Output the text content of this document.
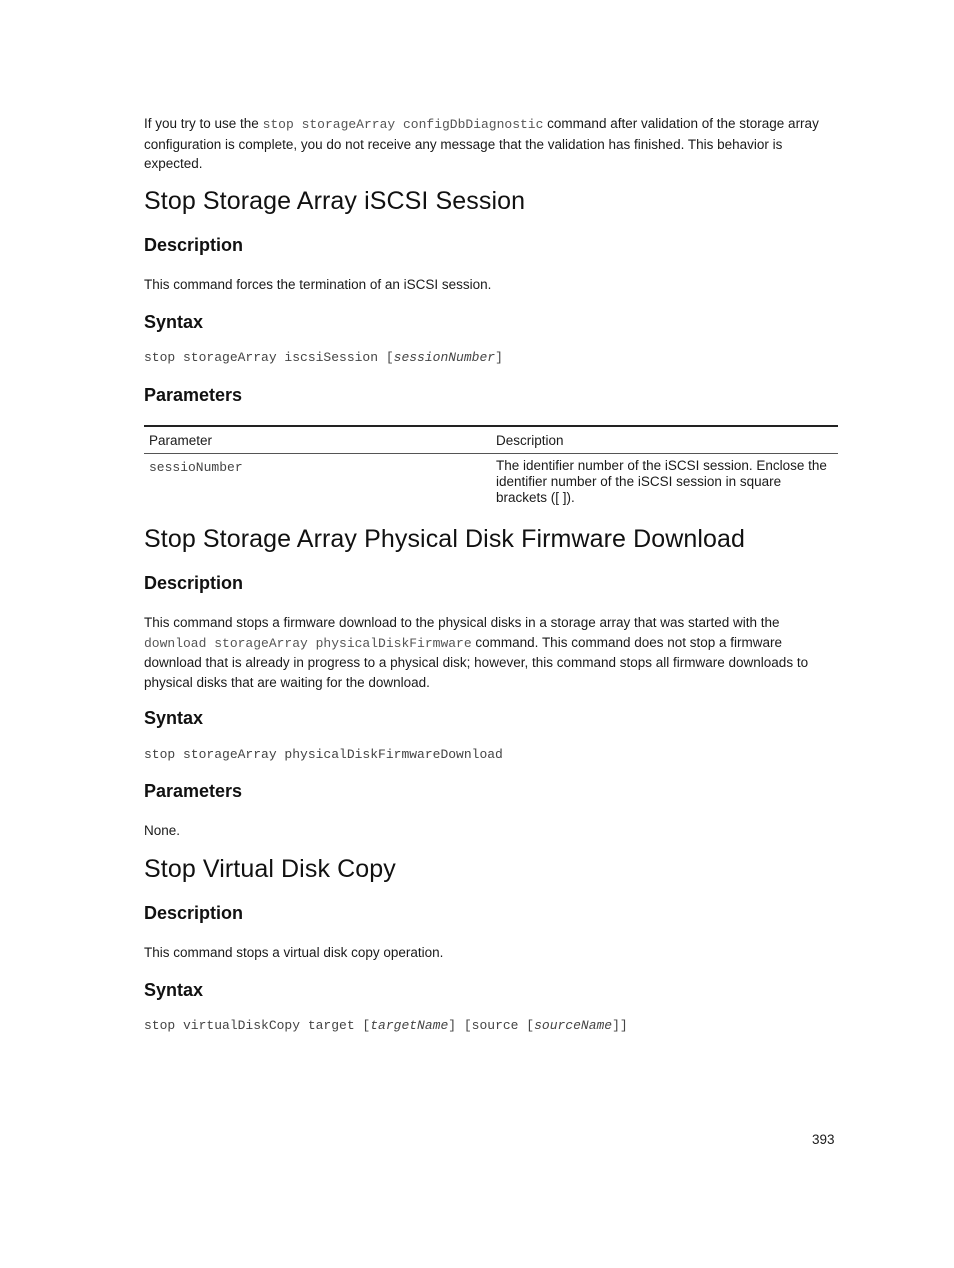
If you try to use the stop storageArray configDbDiagnostic command after validation of the storage array configuration is complete, you do not receive any message that the validation has finished. This behavior is expected.

Stop Storage Array iSCSI Session
Description

This command forces the termination of an iSCSI session.

Syntax

stop storageArray iscsiSession [sessionNumber]

Parameters
Parameter	Description
sessioNumber	The identifier number of the iSCSI session. Enclose the identifier number of the iSCSI session in square brackets ([ ]).
Stop Storage Array Physical Disk Firmware Download
Description

This command stops a firmware download to the physical disks in a storage array that was started with the download storageArray physicalDiskFirmware command. This command does not stop a firmware download that is already in progress to a physical disk; however, this command stops all firmware downloads to physical disks that are waiting for the download.

Syntax

stop storageArray physicalDiskFirmwareDownload

Parameters

None.

Stop Virtual Disk Copy
Description

This command stops a virtual disk copy operation.

Syntax

stop virtualDiskCopy target [targetName] [source [sourceName]]

393
